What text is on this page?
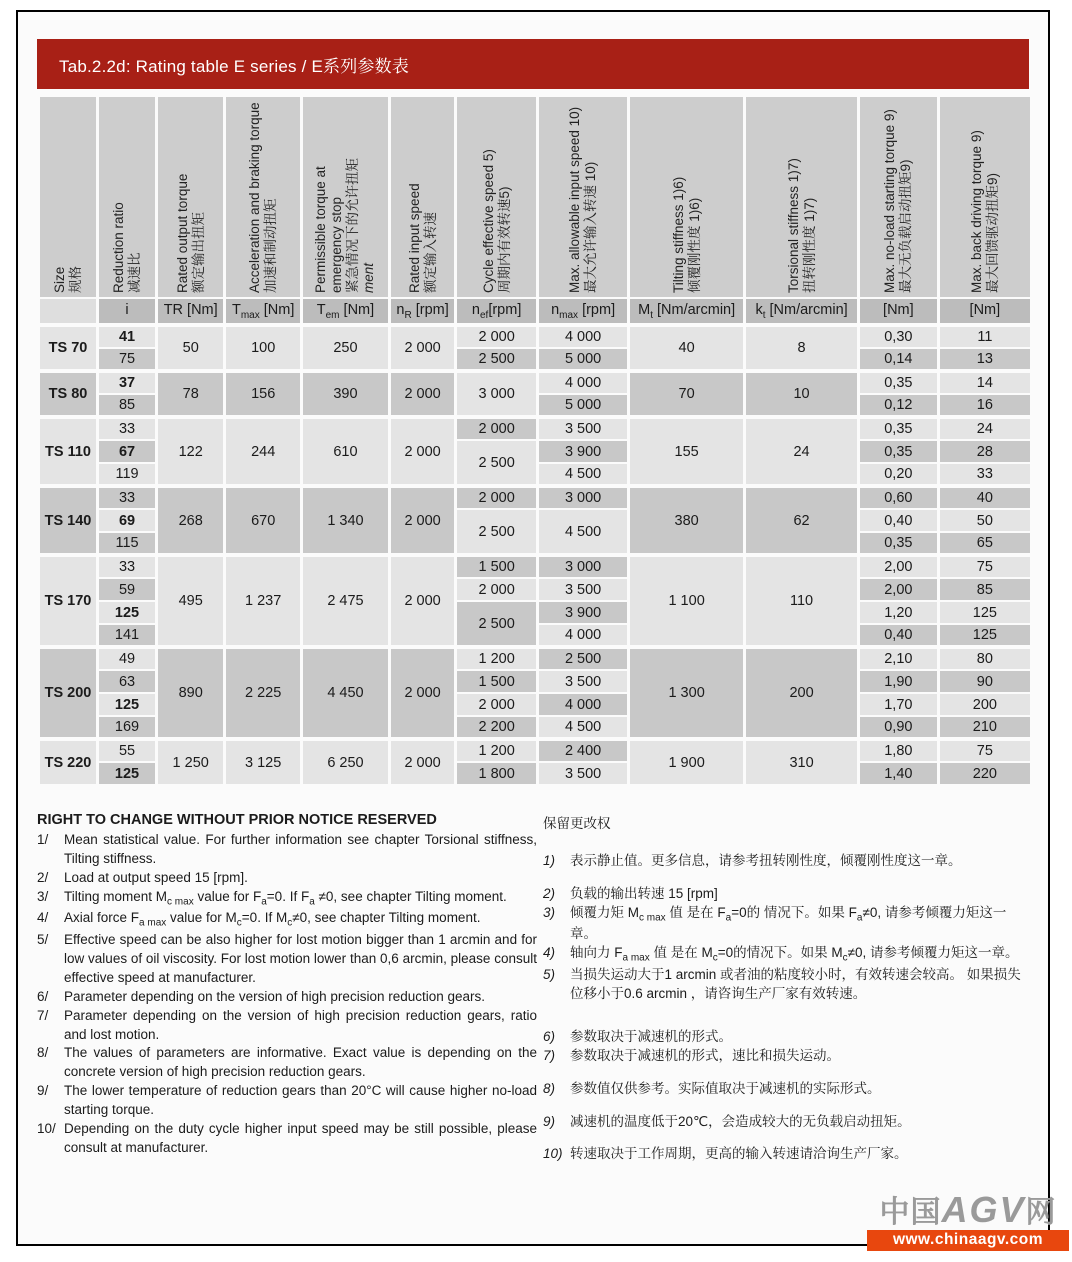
Tab.2.2d: Rating table E series / E系列参数表
Size 规格	Reduction ratio 减速比	Rated output torque 额定输出扭矩	Acceleration and braking torque 加速和制动扭矩	Permissible torque at emergency stop 紧急情况下的允许扭矩 ment	Rated input speed 额定输入转速	Cycle effective speed 5) 周期内有效转速5)	Max. allowable input speed 10) 最大允许输入转速 10)	Tilting stiffness 1)6) 倾覆刚性度 1)6)	Torsional stiffness 1)7) 扭转刚性度 1)7)	Max. no-load starting torque 9) 最大无负载启动扭矩9)	Max. back driving torque 9) 最大回馈驱动扭矩9)

	i	TR [Nm]	$T_{max}$ [Nm]	$T_{em}$ [Nm]	$n_R$ [rpm]	$n_{ef}[rpm]$	$n_{max}$ [rpm]	$M_t$ [Nm/arcmin]	$k_t$ [Nm/arcmin]	[Nm]	[Nm]
TS 70	41	50	100	250	2 000	2 000	4 000	40	8	0,30	11
	75					2 500	5 000			0,14	13
TS 80	37	78	156	390	2 000	3 000	4 000	70	10	0,35	14
	85						5 000			0,12	16
TS 110	33	122	244	610	2 000	2 000	3 500	155	24	0,35	24
	67					2 500	3 900			0,35	28
	119						4 500			0,20	33
TS 140	33	268	670	1 340	2 000	2 000	3 000	380	62	0,60	40
	69					2 500	4 500			0,40	50
	115									0,35	65
TS 170	33	495	1 237	2 475	2 000	1 500	3 000	1 100	110	2,00	75
	59					2 000	3 500			2,00	85
	125					2 500	3 900			1,20	125
	141						4 000			0,40	125
TS 200	49	890	2 225	4 450	2 000	1 200	2 500	1 300	200	2,10	80
	63					1 500	3 500			1,90	90
	125					2 000	4 000			1,70	200
	169					2 200	4 500			0,90	210
TS 220	55	1 250	3 125	6 250	2 000	1 200	2 400	1 900	310	1,80	75
	125					1 800	3 500			1,40	220
RIGHT TO CHANGE WITHOUT PRIOR NOTICE RESERVED
1/	Mean statistical value. For further information see chapter Torsional stiffness, Tilting stiffness.
2/	Load at output speed 15 [rpm].
3/	Tilting moment $M_{c max}$ value for $F_a=0$. If $F_a \ne 0$, see chapter Tilting moment.
4/	Axial force $F_{a max}$ value for $M_c=0$. If $M_c\ne 0$, see chapter Tilting moment.
5/	Effective speed can be also higher for lost motion bigger than 1 arcmin and for low values of oil viscosity. For lost motion lower than 0,6 arcmin, please consult effective speed at manufacturer.
6/	Parameter depending on the version of high precision reduction gears.
7/	Parameter depending on the version of high precision reduction gears, ratio and lost motion.
8/	The values of parameters are informative. Exact value is depending on the concrete version of high precision reduction gears.
9/	The lower temperature of reduction gears than 20°C will cause higher no-load starting torque.
10/ Depending on the duty cycle higher input speed may be still possible, please consult at manufacturer.
保留更改权
1)	表示静止值。更多信息，请参考扭转刚性度，倾覆刚性度这一章。
2)	负载的输出转速 15 [rpm]
3)	倾覆力矩 $M_{c max}$ 值 是在 $F_a=0$的 情况下。如果 $F_a\ne 0$, 请参考倾覆力矩这一章。
4)	轴向力 $F_{a max}$ 值 是在 $M_c=0$的情况下。如果 $M_c\ne 0$, 请参考倾覆力矩这一章。
5)	当损失运动大于1 arcmin 或者油的粘度较小时，有效转速会较高。 如果损失位移小于0.6 arcmin ，请咨询生产厂家有效转速。
6)	参数取决于减速机的形式。
7)	参数取决于减速机的形式，速比和损失运动。
8)	参数值仅供参考。实际值取决于减速机的实际形式。
9)	减速机的温度低于20℃，会造成较大的无负载启动扭矩。
10) 转速取决于工作周期，更高的输入转速请洽询生产厂家。
中国AGV网
www.chinaagv.com
